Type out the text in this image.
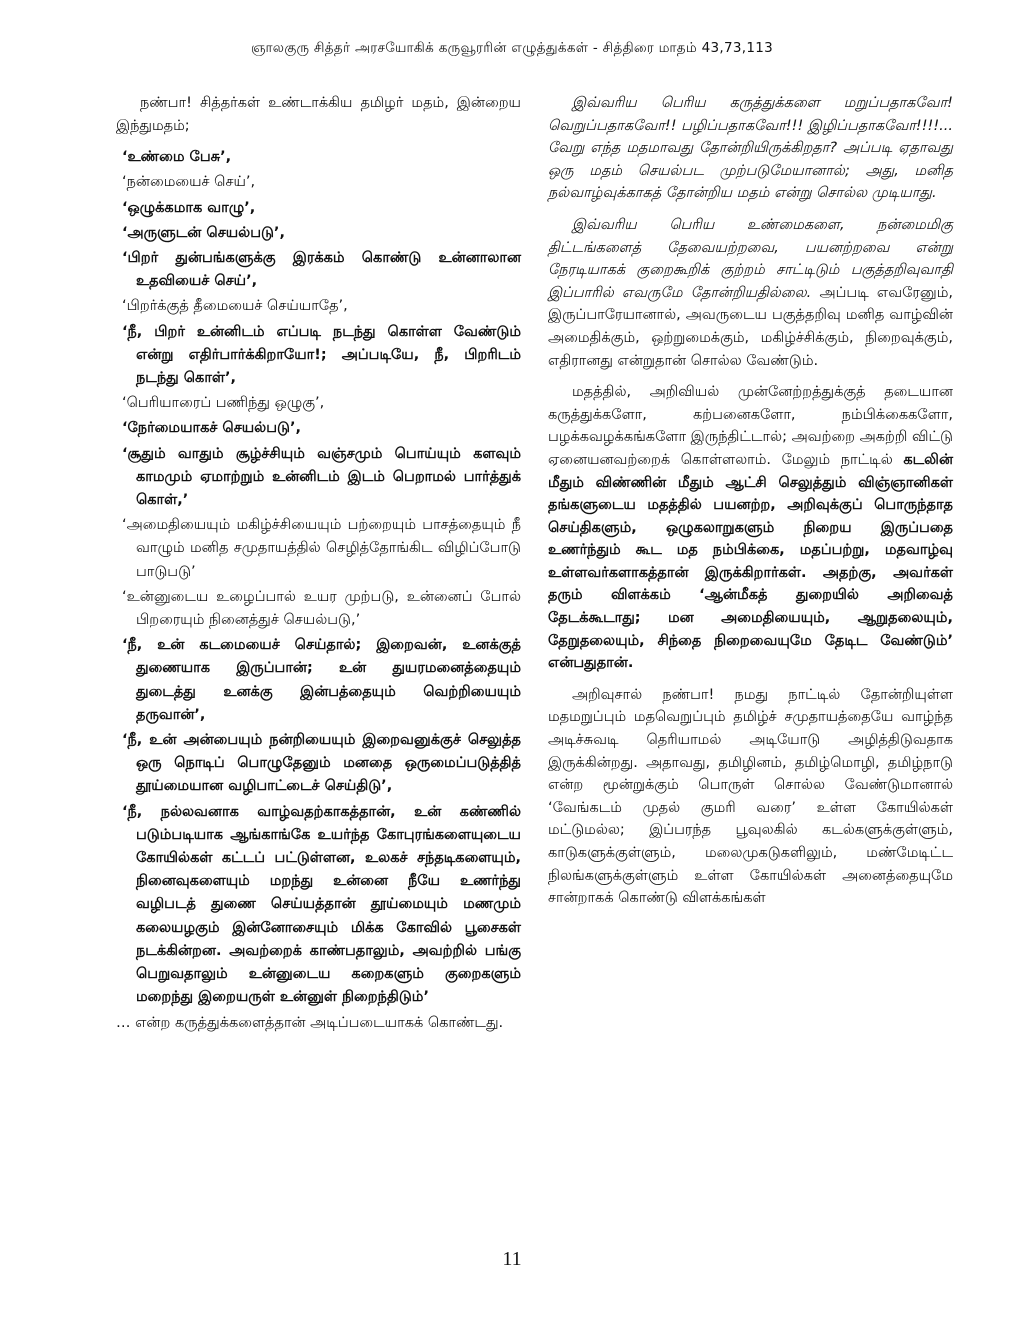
ஞாலகுரு சித்தர் அரசயோகிக் கருவூரரின் எழுத்துக்கள் - சித்திரை மாதம் 43,73,113

நண்பா! சித்தர்கள் உண்டாக்கிய தமிழர் மதம், இன்றைய இந்துமதம்;

‘உண்மை பேசு’,
‘நன்மையைச் செய்’,
‘ஒழுக்கமாக வாழு’,
‘அருளுடன் செயல்படு’,
‘பிறர் துன்பங்களுக்கு இரக்கம் கொண்டு உன்னாலான உதவியைச் செய்’,
‘பிறர்க்குத் தீமையைச் செய்யாதே’,
‘நீ, பிறர் உன்னிடம் எப்படி நடந்து கொள்ள வேண்டும் என்று எதிர்பார்க்கிறாயோ!; அப்படியே, நீ, பிறரிடம் நடந்து கொள்’,
‘பெரியாரைப் பணிந்து ஒழுகு’,
‘நேர்மையாகச் செயல்படு’,
‘சூதும் வாதும் சூழ்ச்சியும் வஞ்சமும் பொய்யும் களவும் காமமும் ஏமாற்றும் உன்னிடம் இடம் பெறாமல் பார்த்துக் கொள்,’
‘அமைதியையும் மகிழ்ச்சியையும் பற்றையும் பாசத்தையும் நீ வாழும் மனித சமுதாயத்தில் செழித்தோங்கிட விழிப்போடு பாடுபடு’
‘உன்னுடைய உழைப்பால் உயர முற்படு, உன்னைப் போல் பிறரையும் நினைத்துச் செயல்படு,’
‘நீ, உன் கடமையைச் செய்தால்; இறைவன், உனக்குத் துணையாக இருப்பான்; உன் துயரமனைத்தையும் துடைத்து உனக்கு இன்பத்தையும் வெற்றியையும் தருவான்’,
‘நீ, உன் அன்பையும் நன்றியையும் இறைவனுக்குச் செலுத்த ஒரு நொடிப் பொழுதேனும் மனதை ஒருமைப்படுத்தித் தூய்மையான வழிபாட்டைச் செய்திடு’,
‘நீ, நல்லவனாக வாழ்வதற்காகத்தான், உன் கண்ணில் படும்படியாக ஆங்காங்கே உயர்ந்த கோபுரங்களையுடைய கோயில்கள் கட்டப் பட்டுள்ளன, உலகச் சந்தடிகளையும், நினைவுகளையும் மறந்து உன்னை நீயே உணர்ந்து வழிபடத் துணை செய்யத்தான் தூய்மையும் மணமும் கலையழகும் இன்னோசையும் மிக்க கோவில் பூசைகள் நடக்கின்றன. அவற்றைக் காண்பதாலும், அவற்றில் பங்கு பெறுவதாலும் உன்னுடைய கறைகளும் குறைகளும் மறைந்து இறையருள் உன்னுள் நிறைந்திடும்’

… என்ற கருத்துக்களைத்தான் அடிப்படையாகக் கொண்டது.

இவ்வரிய பெரிய கருத்துக்களை மறுப்பதாகவோ! வெறுப்பதாகவோ!! பழிப்பதாகவோ!!! இழிப்பதாகவோ!!!!... வேறு எந்த மதமாவது தோன்றியிருக்கிறதா? அப்படி ஏதாவது ஒரு மதம் செயல்பட முற்படுமேயானால்; அது, மனித நல்வாழ்வுக்காகத் தோன்றிய மதம் என்று சொல்ல முடியாது.

இவ்வரிய பெரிய உண்மைகளை, நன்மைமிகு திட்டங்களைத் தேவையற்றவை, பயனற்றவை என்று நேரடியாகக் குறைகூறிக் குற்றம் சாட்டிடும் பகுத்தறிவுவாதி இப்பாரில் எவருமே தோன்றியதில்லை. அப்படி எவரேனும், இருப்பாரேயானால், அவருடைய பகுத்தறிவு மனித வாழ்வின் அமைதிக்கும், ஒற்றுமைக்கும், மகிழ்ச்சிக்கும், நிறைவுக்கும், எதிரானது என்றுதான் சொல்ல வேண்டும்.

மதத்தில், அறிவியல் முன்னேற்றத்துக்குத் தடையான கருத்துக்களோ, கற்பனைகளோ, நம்பிக்கைகளோ, பழக்கவழக்கங்களோ இருந்திட்டால்; அவற்றை அகற்றி விட்டு ஏனையனவற்றைக் கொள்ளலாம். மேலும் நாட்டில் கடலின் மீதும் விண்ணின் மீதும் ஆட்சி செலுத்தும் விஞ்ஞானிகள் தங்களுடைய மதத்தில் பயனற்ற, அறிவுக்குப் பொருந்தாத செய்திகளும், ஒழுகலாறுகளும் நிறைய இருப்பதை உணர்ந்தும் கூட மத நம்பிக்கை, மதப்பற்று, மதவாழ்வு உள்ளவர்களாகத்தான் இருக்கிறார்கள். அதற்கு, அவர்கள் தரும் விளக்கம் ‘ஆன்மீகத் துறையில் அறிவைத் தேடக்கூடாது; மன அமைதியையும், ஆறுதலையும், தேறுதலையும், சிந்தை நிறைவையுமே தேடிட வேண்டும்’ என்பதுதான்.

அறிவுசால் நண்பா! நமது நாட்டில் தோன்றியுள்ள மதமறுப்பும் மதவெறுப்பும் தமிழ்ச் சமுதாயத்தையே வாழ்ந்த அடிச்சுவடி தெரியாமல் அடியோடு அழித்திடுவதாக இருக்கின்றது. அதாவது, தமிழினம், தமிழ்மொழி, தமிழ்நாடு என்ற மூன்றுக்கும் பொருள் சொல்ல வேண்டுமானால் ‘வேங்கடம் முதல் குமரி வரை’ உள்ள கோயில்கள் மட்டுமல்ல; இப்பரந்த பூவுலகில் கடல்களுக்குள்ளும், காடுகளுக்குள்ளும், மலைமுகடுகளிலும், மண்மேடிட்ட நிலங்களுக்குள்ளும் உள்ள கோயில்கள் அனைத்தையுமே சான்றாகக் கொண்டு விளக்கங்கள்

11
